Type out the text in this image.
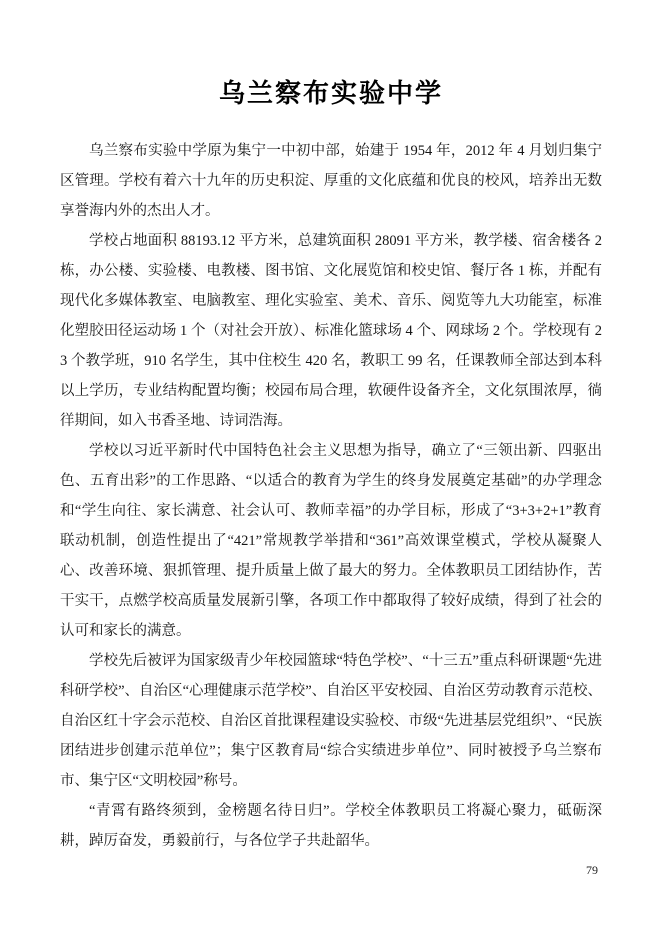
乌兰察布实验中学

乌兰察布实验中学原为集宁一中初中部，始建于 1954 年，2012 年 4 月划归集宁区管理。学校有着六十九年的历史积淀、厚重的文化底蕴和优良的校风，培养出无数享誉海内外的杰出人才。

学校占地面积 88193.12 平方米，总建筑面积 28091 平方米，教学楼、宿舍楼各 2 栋，办公楼、实验楼、电教楼、图书馆、文化展览馆和校史馆、餐厅各 1 栋，并配有现代化多媒体教室、电脑教室、理化实验室、美术、音乐、阅览等九大功能室，标准化塑胶田径运动场 1 个（对社会开放）、标准化篮球场 4 个、网球场 2 个。学校现有 23 个教学班，910 名学生，其中住校生 420 名，教职工 99 名，任课教师全部达到本科以上学历，专业结构配置均衡；校园布局合理，软硬件设备齐全，文化氛围浓厚，徜徉期间，如入书香圣地、诗词浩海。

学校以习近平新时代中国特色社会主义思想为指导，确立了“三领出新、四驱出色、五育出彩”的工作思路、“以适合的教育为学生的终身发展奠定基础”的办学理念和“学生向往、家长满意、社会认可、教师幸福”的办学目标，形成了“3+3+2+1”教育联动机制，创造性提出了“421”常规教学举措和“361”高效课堂模式，学校从凝聚人心、改善环境、狠抓管理、提升质量上做了最大的努力。全体教职员工团结协作，苦干实干，点燃学校高质量发展新引擎，各项工作中都取得了较好成绩，得到了社会的认可和家长的满意。

学校先后被评为国家级青少年校园篮球“特色学校”、“十三五”重点科研课题“先进科研学校”、自治区“心理健康示范学校”、自治区平安校园、自治区劳动教育示范校、自治区红十字会示范校、自治区首批课程建设实验校、市级“先进基层党组织”、“民族团结进步创建示范单位”；集宁区教育局“综合实绩进步单位”、同时被授予乌兰察布市、集宁区“文明校园”称号。

“青霄有路终须到，金榜题名待日归”。学校全体教职员工将凝心聚力，砥砺深耕，踔厉奋发，勇毅前行，与各位学子共赴韶华。

79
